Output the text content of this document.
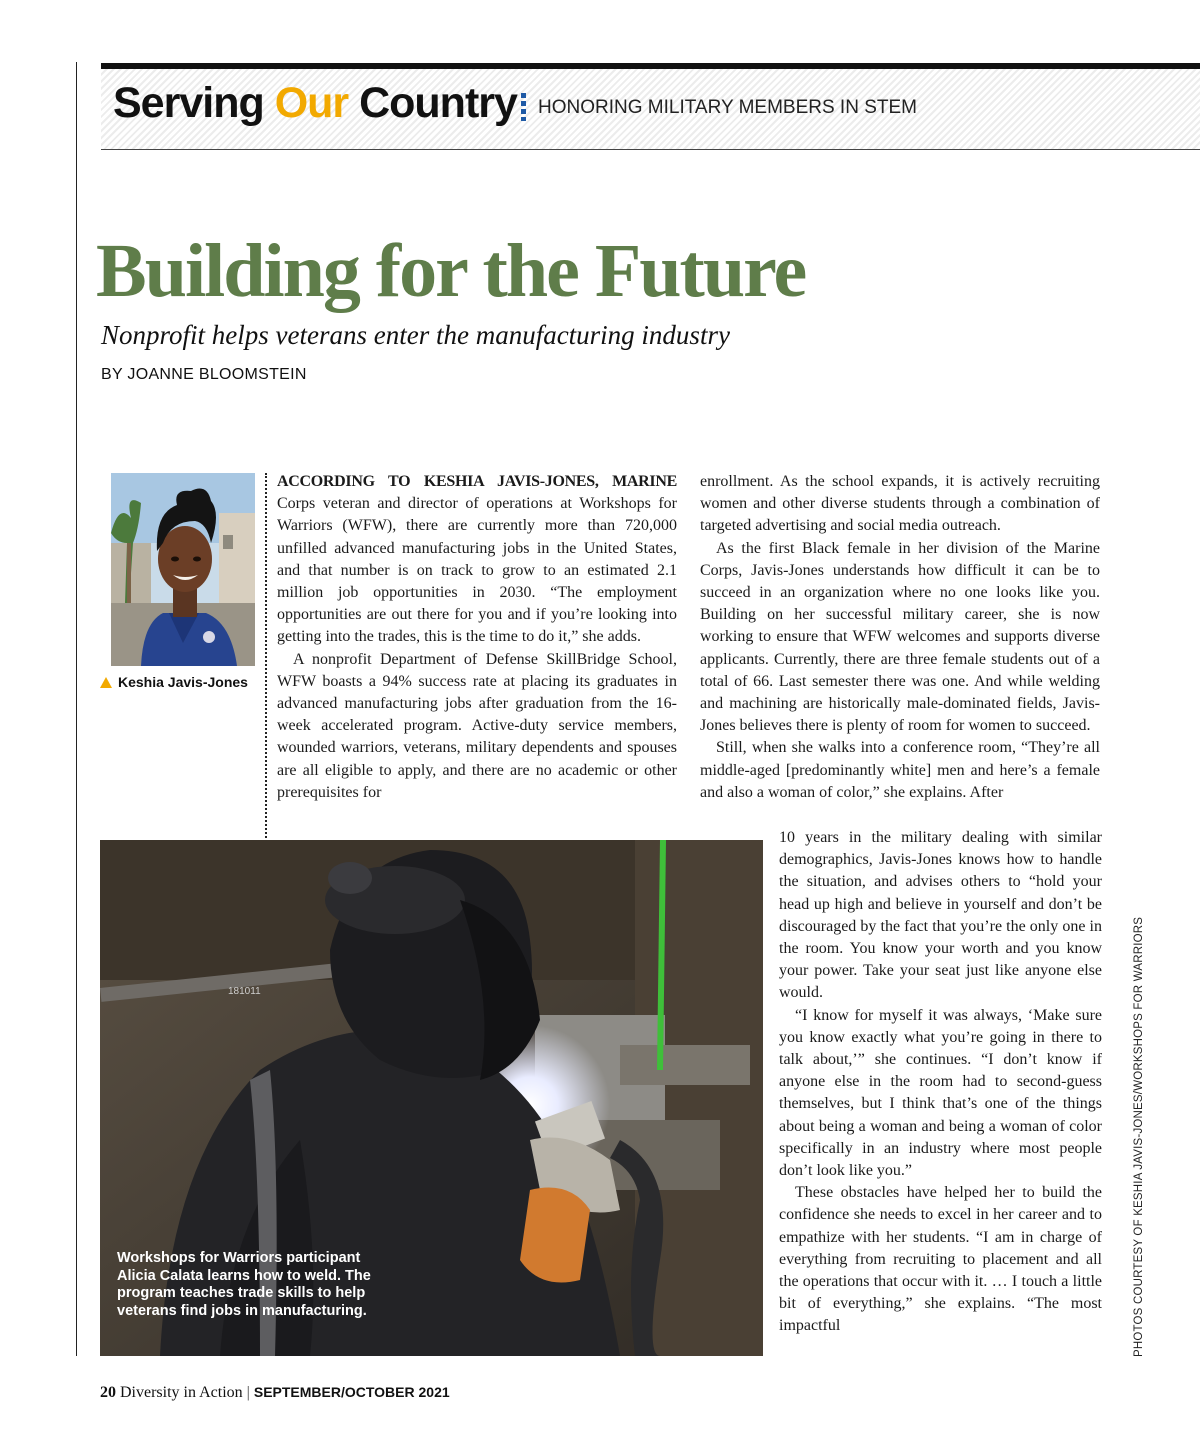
Serving Our Country HONORING MILITARY MEMBERS IN STEM
Building for the Future
Nonprofit helps veterans enter the manufacturing industry
BY JOANNE BLOOMSTEIN
Keshia Javis-Jones

ACCORDING TO KESHIA JAVIS-JONES, MARINE Corps veteran and director of operations at Workshops for Warriors (WFW), there are currently more than 720,000 unfilled advanced manufacturing jobs in the United States, and that number is on track to grow to an estimated 2.1 million job opportunities in 2030. “The employment opportunities are out there for you and if you’re looking into getting into the trades, this is the time to do it,” she adds.

A nonprofit Department of Defense SkillBridge School, WFW boasts a 94% success rate at placing its graduates in advanced manufacturing jobs after graduation from the 16-week accelerated program. Active-duty service members, wounded warriors, veterans, military dependents and spouses are all eligible to apply, and there are no academic or other prerequisites for

enrollment. As the school expands, it is actively recruiting women and other diverse students through a combination of targeted advertising and social media outreach.

As the first Black female in her division of the Marine Corps, Javis-Jones understands how difficult it can be to succeed in an organization where no one looks like you. Building on her successful military career, she is now working to ensure that WFW welcomes and supports diverse applicants. Currently, there are three female students out of a total of 66. Last semester there was one. And while welding and machining are historically male-dominated fields, Javis-Jones believes there is plenty of room for women to succeed.

Still, when she walks into a conference room, “They’re all middle-aged [predominantly white] men and here’s a female and also a woman of color,” she explains. After

10 years in the military dealing with similar demographics, Javis-Jones knows how to handle the situation, and advises others to “hold your head up high and believe in yourself and don’t be discouraged by the fact that you’re the only one in the room. You know your worth and you know your power. Take your seat just like anyone else would.

“I know for myself it was always, ‘Make sure you know exactly what you’re going in there to talk about,’” she continues. “I don’t know if anyone else in the room had to second-guess themselves, but I think that’s one of the things about being a woman and being a woman of color specifically in an industry where most people don’t look like you.”

These obstacles have helped her to build the confidence she needs to excel in her career and to empathize with her students. “I am in charge of everything from recruiting to placement and all the operations that occur with it. … I touch a little bit of everything,” she explains. “The most impactful

181011
Workshops for Warriors participant Alicia Calata learns how to weld. The program teaches trade skills to help veterans find jobs in manufacturing.	PHOTOS COURTESY OF KESHIA JAVIS-JONES/WORKSHOPS FOR WARRIORS
20 Diversity in Action | SEPTEMBER/OCTOBER 2021
